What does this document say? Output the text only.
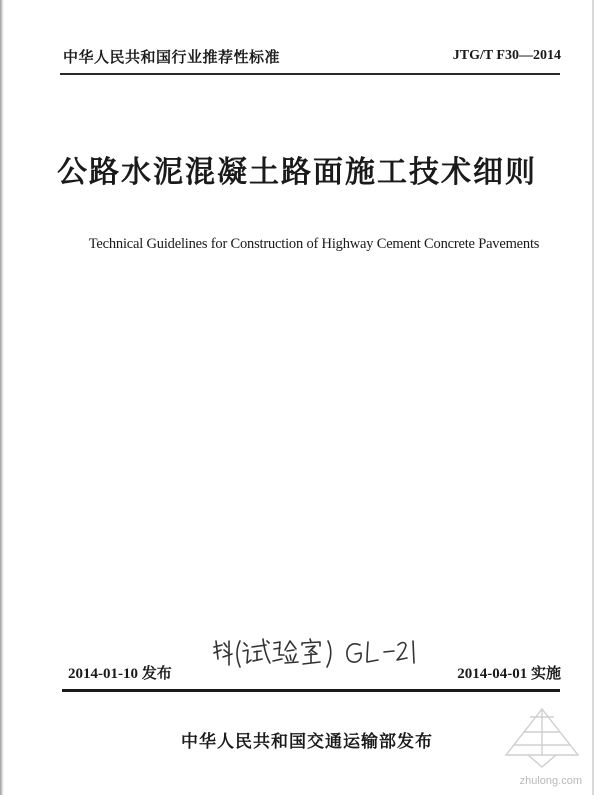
中华人民共和国行业推荐性标准	JTG/T F30—2014
公路水泥混凝土路面施工技术细则
Technical Guidelines for Construction of Highway Cement Concrete Pavements
2014-01-10 发布	2014-04-01 实施
中华人民共和国交通运输部发布
zhulong.com
